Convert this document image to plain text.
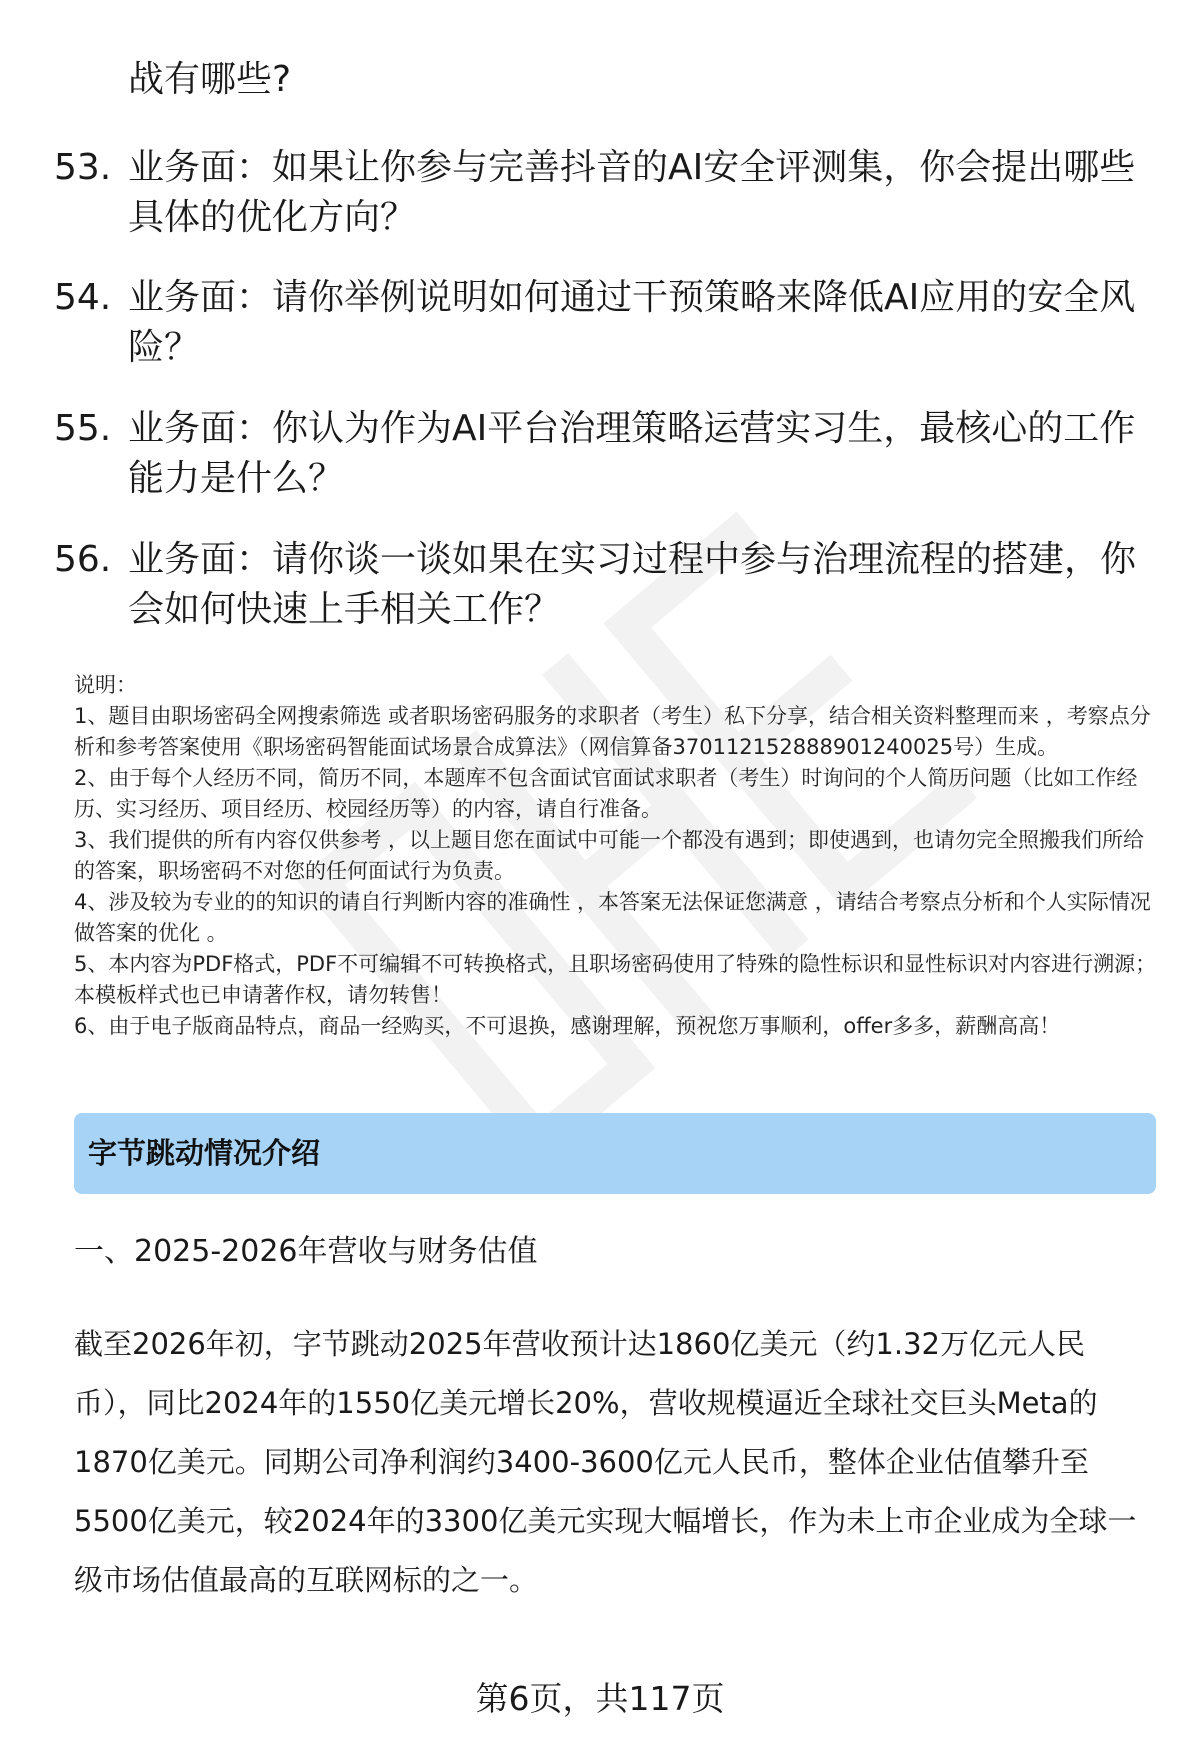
战有哪些?
53. 业务面：如果让你参与完善抖音的AI安全评测集，你会提出哪些具体的优化方向？
54. 业务面：请你举例说明如何通过干预策略来降低AI应用的安全风险？
55. 业务面：你认为作为AI平台治理策略运营实习生，最核心的工作能力是什么？
56. 业务面：请你谈一谈如果在实习过程中参与治理流程的搭建，你会如何快速上手相关工作？

说明：

1、题目由职场密码全网搜索筛选 或者职场密码服务的求职者（考生）私下分享，结合相关资料整理而来 ，考察点分析和参考答案使用《职场密码智能面试场景合成算法》（网信算备370112152888901240025号）生成。

2、由于每个人经历不同，简历不同，本题库不包含面试官面试求职者（考生）时询问的个人简历问题（比如工作经历、实习经历、项目经历、校园经历等）的内容，请自行准备。

3、我们提供的所有内容仅供参考 ，以上题目您在面试中可能一个都没有遇到；即使遇到，也请勿完全照搬我们所给的答案，职场密码不对您的任何面试行为负责。

4、涉及较为专业的的知识的请自行判断内容的准确性 ，本答案无法保证您满意 ，请结合考察点分析和个人实际情况做答案的优化 。

5、本内容为PDF格式，PDF不可编辑不可转换格式，且职场密码使用了特殊的隐性标识和显性标识对内容进行溯源；本模板样式也已申请著作权，请勿转售！

6、由于电子版商品特点，商品一经购买，不可退换，感谢理解，预祝您万事顺利，offer多多，薪酬高高！

字节跳动情况介绍
一、2025-2026年营收与财务估值
截至2026年初，字节跳动2025年营收预计达1860亿美元（约1.32万亿元人民币），同比2024年的1550亿美元增长20%，营收规模逼近全球社交巨头Meta的1870亿美元。同期公司净利润约3400-3600亿元人民币，整体企业估值攀升至5500亿美元，较2024年的3300亿美元实现大幅增长，作为未上市企业成为全球一级市场估值最高的互联网标的之一。
第6页，共117页
